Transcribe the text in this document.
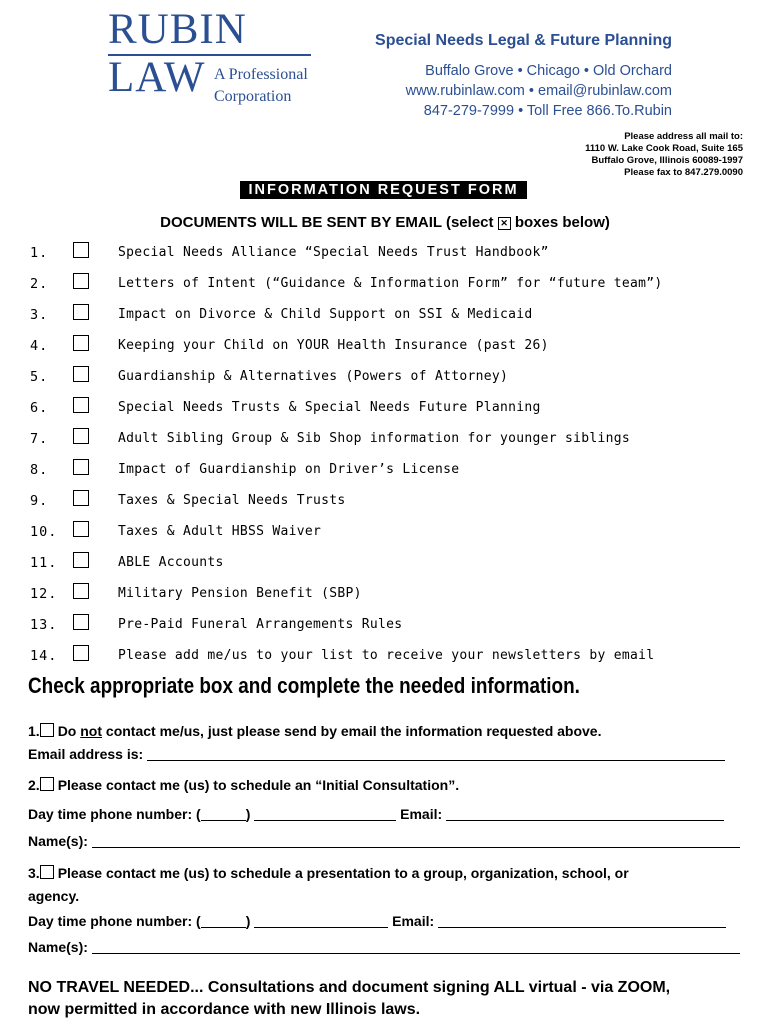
RUBIN
LAW A Professional
Corporation
Special Needs Legal & Future Planning
Buffalo Grove • Chicago • Old Orchard
www.rubinlaw.com • email@rubinlaw.com
847-279-7999 • Toll Free 866.To.Rubin
Please address all mail to:
1110 W. Lake Cook Road, Suite 165
Buffalo Grove, Illinois 60089-1997
Please fax to 847.279.0090
INFORMATION REQUEST FORM
DOCUMENTS WILL BE SENT BY EMAIL (select ✕ boxes below)
1.	Special Needs Alliance “Special Needs Trust Handbook”
2.	Letters of Intent (“Guidance & Information Form” for “future team”)
3.	Impact on Divorce & Child Support on SSI & Medicaid
4.	Keeping your Child on YOUR Health Insurance (past 26)
5.	Guardianship & Alternatives (Powers of Attorney)
6.	Special Needs Trusts & Special Needs Future Planning
7.	Adult Sibling Group & Sib Shop information for younger siblings
8.	Impact of Guardianship on Driver’s License
9.	Taxes & Special Needs Trusts
10.	Taxes & Adult HBSS Waiver
11.	ABLE Accounts
12.	Military Pension Benefit (SBP)
13.	Pre-Paid Funeral Arrangements Rules
14.	Please add me/us to your list to receive your newsletters by email
Check appropriate box and complete the needed information.
1. Do not contact me/us, just please send by email the information requested above.
Email address is:
2. Please contact me (us) to schedule an “Initial Consultation”.
Day time phone number: (	)	Email:
Name(s):
3. Please contact me (us) to schedule a presentation to a group, organization, school, or
agency.
Day time phone number: (	)	Email:
Name(s):
NO TRAVEL NEEDED... Consultations and document signing ALL virtual - via ZOOM,
now permitted in accordance with new Illinois laws.
